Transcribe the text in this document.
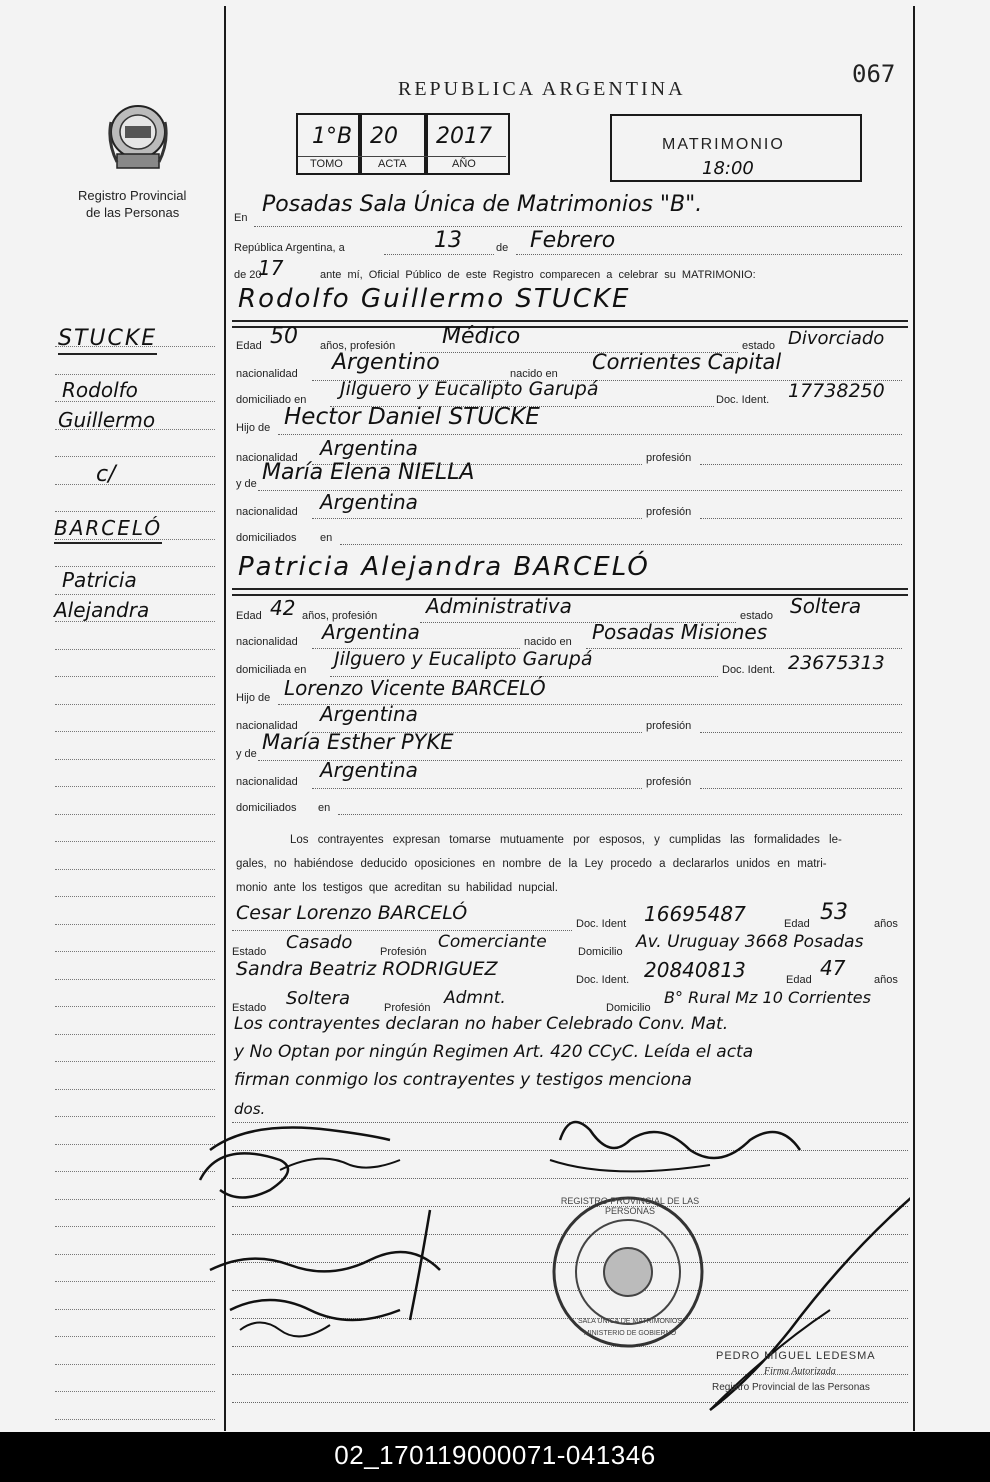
067
REPUBLICA ARGENTINA
Registro Provincial
de las Personas
1°B 20 2017
TOMO	ACTA	AÑO
MATRIMONIO
18:00
En
Posadas Sala Única de Matrimonios "B".
República Argentina, a	13	de Febrero
de 20
17	ante mí, Oficial Público de este Registro comparecen a celebrar su MATRIMONIO:
Rodolfo Guillermo STUCKE
Edad 50 años, profesión Médico	estado Divorciado
nacionalidad Argentino	nacido en Corrientes Capital
domiciliado en Jilguero y Eucalipto Garupá	Doc. Ident. 17738250
Hijo de Hector Daniel STUCKE
nacionalidad Argentina	profesión
y de María Elena NIELLA
nacionalidad Argentina	profesión
domiciliados en
Patricia Alejandra BARCELÓ
Edad 42 años, profesión Administrativa	estado Soltera
nacionalidad Argentina	nacido en Posadas Misiones
domiciliada en Jilguero y Eucalipto Garupá	Doc. Ident. 23675313
Hijo de Lorenzo Vicente BARCELÓ
nacionalidad Argentina	profesión
y de María Esther PYKE
nacionalidad Argentina	profesión
domiciliados en
Los contrayentes expresan tomarse mutuamente por esposos, y cumplidas las formalidades le-
gales, no habiéndose deducido oposiciones en nombre de la Ley procedo a declararlos unidos en matri-
monio ante los testigos que acreditan su habilidad nupcial.
Cesar Lorenzo BARCELÓ	Doc. Ident 16695487	Edad 53 años
Estado Casado	Profesión Comerciante	Domicilio Av. Uruguay 3668 Posadas
Sandra Beatriz RODRIGUEZ	Doc. Ident. 20840813	Edad 47	años
Estado Soltera	Profesión Admnt.	Domicilio
B° Rural Mz 10 Corrientes
Los contrayentes declaran no haber Celebrado Conv. Mat.
y No Optan por ningún Regimen Art. 420 CCyC. Leída el acta
firman conmigo los contrayentes y testigos menciona
dos.
REGISTRO PROVINCIAL DE LAS PERSONAS
SALA UNICA DE MATRIMONIOS
MINISTERIO DE GOBIERNO
PEDRO MIGUEL LEDESMA
Firma Autorizada
Registro Provincial de las Personas
STUCKE
Rodolfo
Guillermo
c/
BARCELÓ
Patricia
Alejandra
02_170119000071-041346
